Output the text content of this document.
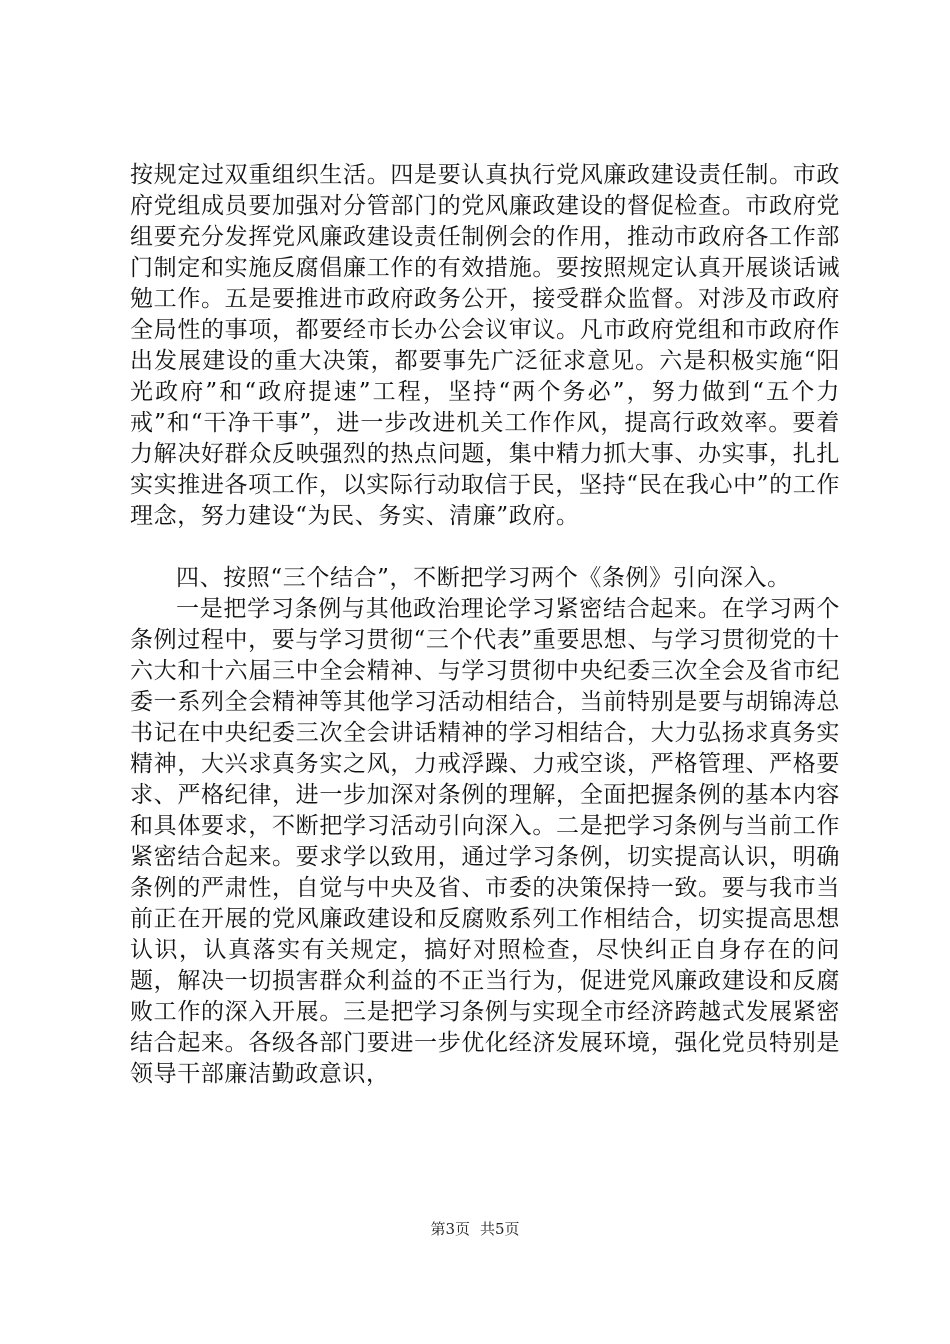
按规定过双重组织生活。四是要认真执行党风廉政建设责任制。市政府党组成员要加强对分管部门的党风廉政建设的督促检查。市政府党组要充分发挥党风廉政建设责任制例会的作用，推动市政府各工作部门制定和实施反腐倡廉工作的有效措施。要按照规定认真开展谈话诫勉工作。五是要推进市政府政务公开，接受群众监督。对涉及市政府全局性的事项，都要经市长办公会议审议。凡市政府党组和市政府作出发展建设的重大决策，都要事先广泛征求意见。六是积极实施“阳光政府”和“政府提速”工程，坚持“两个务必”，努力做到“五个力戒”和“干净干事”，进一步改进机关工作作风，提高行政效率。要着力解决好群众反映强烈的热点问题，集中精力抓大事、办实事，扎扎实实推进各项工作，以实际行动取信于民，坚持“民在我心中”的工作理念，努力建设“为民、务实、清廉”政府。

四、按照“三个结合”，不断把学习两个《条例》引向深入。

一是把学习条例与其他政治理论学习紧密结合起来。在学习两个条例过程中，要与学习贯彻“三个代表”重要思想、与学习贯彻党的十六大和十六届三中全会精神、与学习贯彻中央纪委三次全会及省市纪委一系列全会精神等其他学习活动相结合，当前特别是要与胡锦涛总书记在中央纪委三次全会讲话精神的学习相结合，大力弘扬求真务实精神，大兴求真务实之风，力戒浮躁、力戒空谈，严格管理、严格要求、严格纪律，进一步加深对条例的理解，全面把握条例的基本内容和具体要求，不断把学习活动引向深入。二是把学习条例与当前工作紧密结合起来。要求学以致用，通过学习条例，切实提高认识，明确条例的严肃性，自觉与中央及省、市委的决策保持一致。要与我市当前正在开展的党风廉政建设和反腐败系列工作相结合，切实提高思想认识，认真落实有关规定，搞好对照检查，尽快纠正自身存在的问题，解决一切损害群众利益的不正当行为，促进党风廉政建设和反腐败工作的深入开展。三是把学习条例与实现全市经济跨越式发展紧密结合起来。各级各部门要进一步优化经济发展环境，强化党员特别是领导干部廉洁勤政意识，

第3页 共5页
